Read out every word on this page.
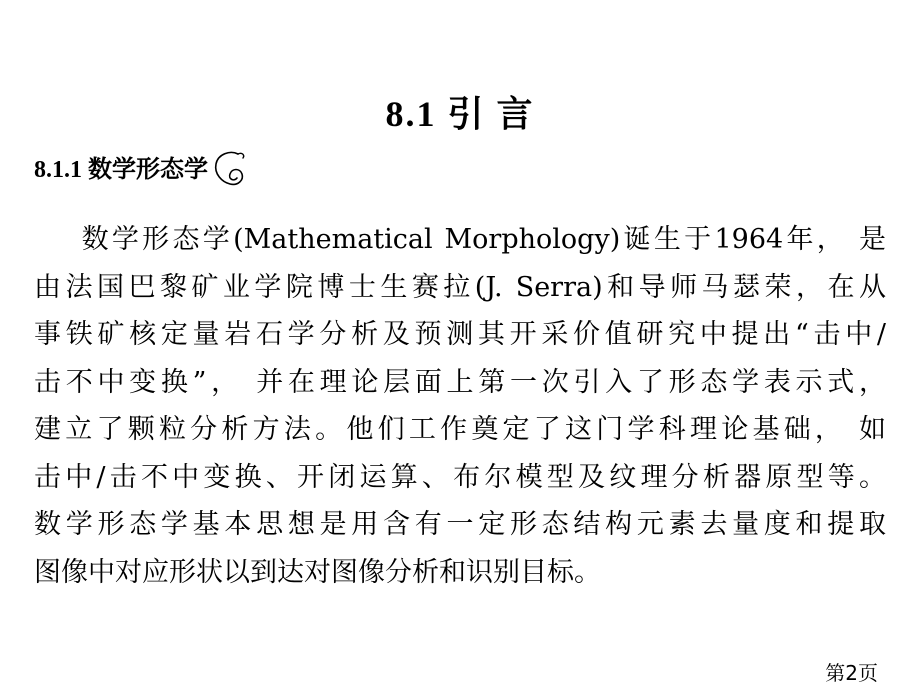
8.1 引 言
8.1.1 数学形态学
数学形态学(Mathematical Morphology)诞生于1964年， 是
由法国巴黎矿业学院博士生赛拉(J. Serra)和导师马瑟荣，在从
事铁矿核定量岩石学分析及预测其开采价值研究中提出“击中/
击不中变换”， 并在理论层面上第一次引入了形态学表示式，
建立了颗粒分析方法。他们工作奠定了这门学科理论基础， 如
击中/击不中变换、开闭运算、布尔模型及纹理分析器原型等。
数学形态学基本思想是用含有一定形态结构元素去量度和提取
图像中对应形状以到达对图像分析和识别目标。
第2页
